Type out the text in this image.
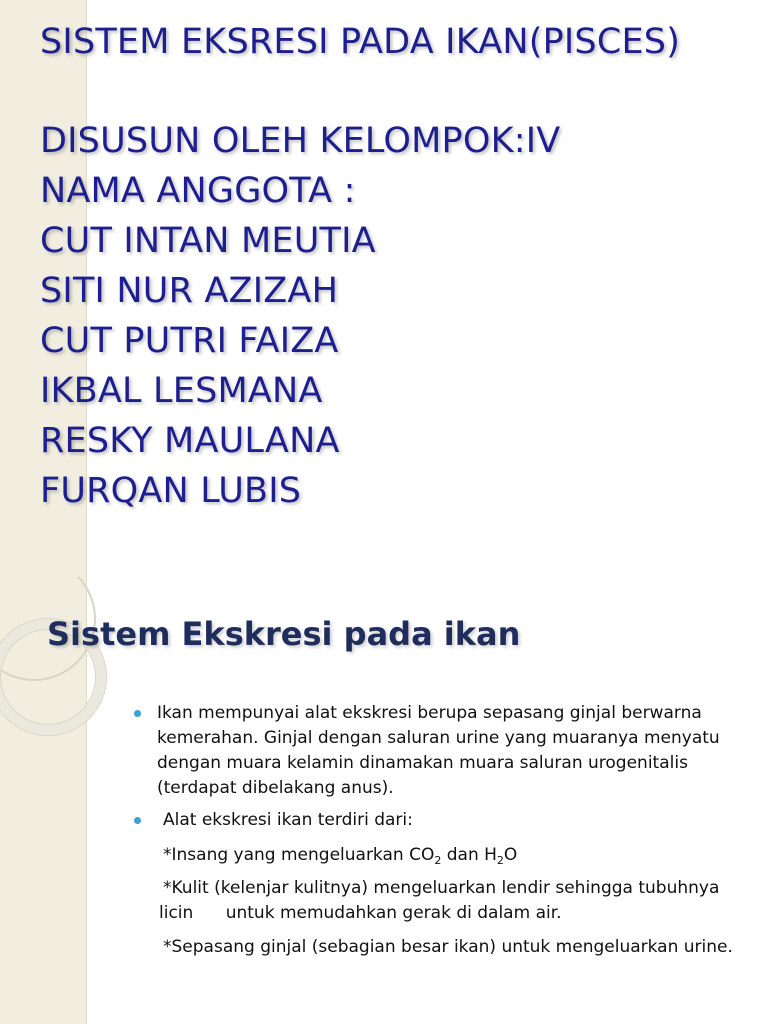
SISTEM EKSRESI PADA IKAN(PISCES)
DISUSUN OLEH KELOMPOK:IV
NAMA ANGGOTA :
CUT INTAN MEUTIA
SITI NUR AZIZAH
CUT PUTRI FAIZA
IKBAL LESMANA
RESKY MAULANA
FURQAN LUBIS
Sistem Ekskresi pada ikan
Ikan mempunyai alat ekskresi berupa sepasang ginjal berwarna
kemerahan. Ginjal dengan saluran urine yang muaranya menyatu
dengan muara kelamin dinamakan muara saluran urogenitalis
(terdapat dibelakang anus).
Alat ekskresi ikan terdiri dari:
*Insang yang mengeluarkan $CO_2$ dan $H_2O$
*Kulit (kelenjar kulitnya) mengeluarkan lendir sehingga tubuhnya
licin      untuk memudahkan gerak di dalam air.
*Sepasang ginjal (sebagian besar ikan) untuk mengeluarkan urine.
